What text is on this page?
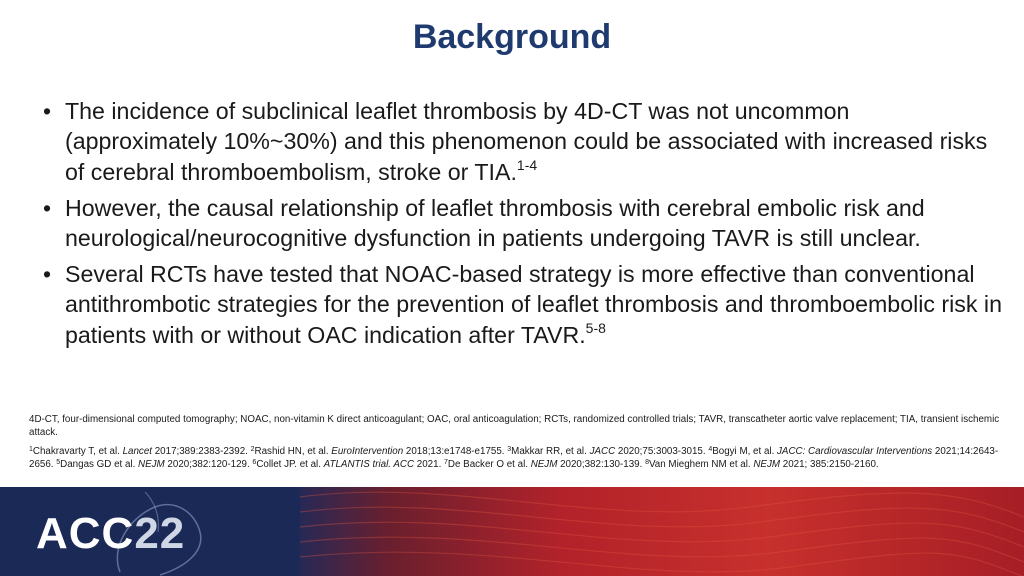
Background
• The incidence of subclinical leaflet thrombosis by 4D-CT was not uncommon (approximately 10%~30%) and this phenomenon could be associated with increased risks of cerebral thromboembolism, stroke or TIA.$^{1-4}$
• However, the causal relationship of leaflet thrombosis with cerebral embolic risk and neurological/neurocognitive dysfunction in patients undergoing TAVR is still unclear.
• Several RCTs have tested that NOAC-based strategy is more effective than conventional antithrombotic strategies for the prevention of leaflet thrombosis and thromboembolic risk in patients with or without OAC indication after TAVR.$^{5-8}$
4D-CT, four-dimensional computed tomography; NOAC, non-vitamin K direct anticoagulant; OAC, oral anticoagulation; RCTs, randomized controlled trials; TAVR, transcatheter aortic valve replacement; TIA, transient ischemic attack.
$^1$Chakravarty T, et al. Lancet 2017;389:2383-2392. $^2$Rashid HN, et al. EuroIntervention 2018;13:e1748-e1755. $^3$Makkar RR, et al. JACC 2020;75:3003-3015. $^4$Bogyi M, et al. JACC: Cardiovascular Interventions 2021;14:2643-2656. $^5$Dangas GD et al. NEJM 2020;382:120-129. $^6$Collet JP. et al. ATLANTIS trial. ACC 2021. $^7$De Backer O et al. NEJM 2020;382:130-139. $^8$Van Mieghem NM et al. NEJM 2021; 385:2150-2160.
ACC22
